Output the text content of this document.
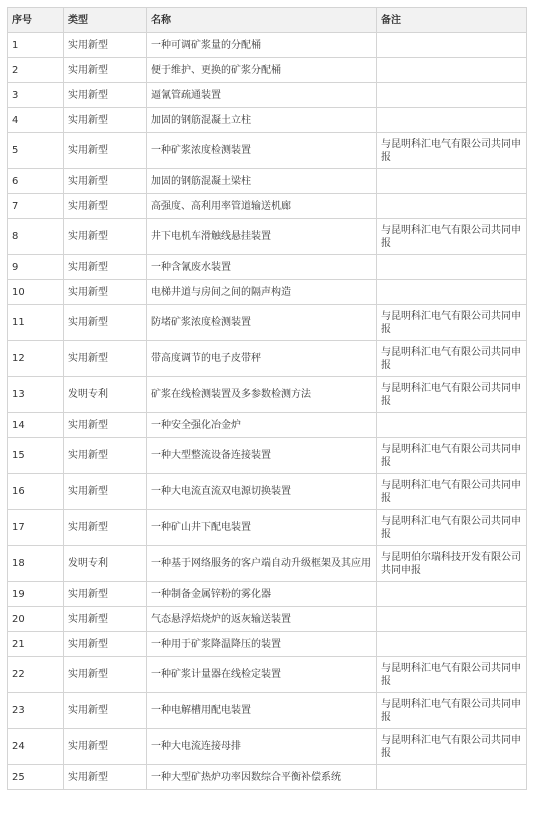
序号	类型	名称	备注
1	实用新型	一种可调矿浆量的分配桶	
2	实用新型	便于维护、更换的矿浆分配桶	
3	实用新型	逼氰管疏通装置	
4	实用新型	加固的钢筋混凝土立柱	
5	实用新型	一种矿浆浓度检测装置	与昆明科汇电气有限公司共同申报
6	实用新型	加固的钢筋混凝土梁柱	
7	实用新型	高强度、高利用率管道输送机廊	
8	实用新型	井下电机车滑触线悬挂装置	与昆明科汇电气有限公司共同申报
9	实用新型	一种含氰废水装置	
10	实用新型	电梯井道与房间之间的隔声构造	
11	实用新型	防堵矿浆浓度检测装置	与昆明科汇电气有限公司共同申报
12	实用新型	带高度调节的电子皮带秤	与昆明科汇电气有限公司共同申报
13	发明专利	矿浆在线检测装置及多参数检测方法	与昆明科汇电气有限公司共同申报
14	实用新型	一种安全强化冶金炉	
15	实用新型	一种大型整流设备连接装置	与昆明科汇电气有限公司共同申报
16	实用新型	一种大电流直流双电源切换装置	与昆明科汇电气有限公司共同申报
17	实用新型	一种矿山井下配电装置	与昆明科汇电气有限公司共同申报
18	发明专利	一种基于网络服务的客户端自动升级框架及其应用	与昆明伯尔瑞科技开发有限公司共同申报
19	实用新型	一种制备金属锌粉的雾化器	
20	实用新型	气态悬浮焙烧炉的返灰输送装置	
21	实用新型	一种用于矿浆降温降压的装置	
22	实用新型	一种矿浆计量器在线检定装置	与昆明科汇电气有限公司共同申报
23	实用新型	一种电解槽用配电装置	与昆明科汇电气有限公司共同申报
24	实用新型	一种大电流连接母排	与昆明科汇电气有限公司共同申报
25	实用新型	一种大型矿热炉功率因数综合平衡补偿系统	
